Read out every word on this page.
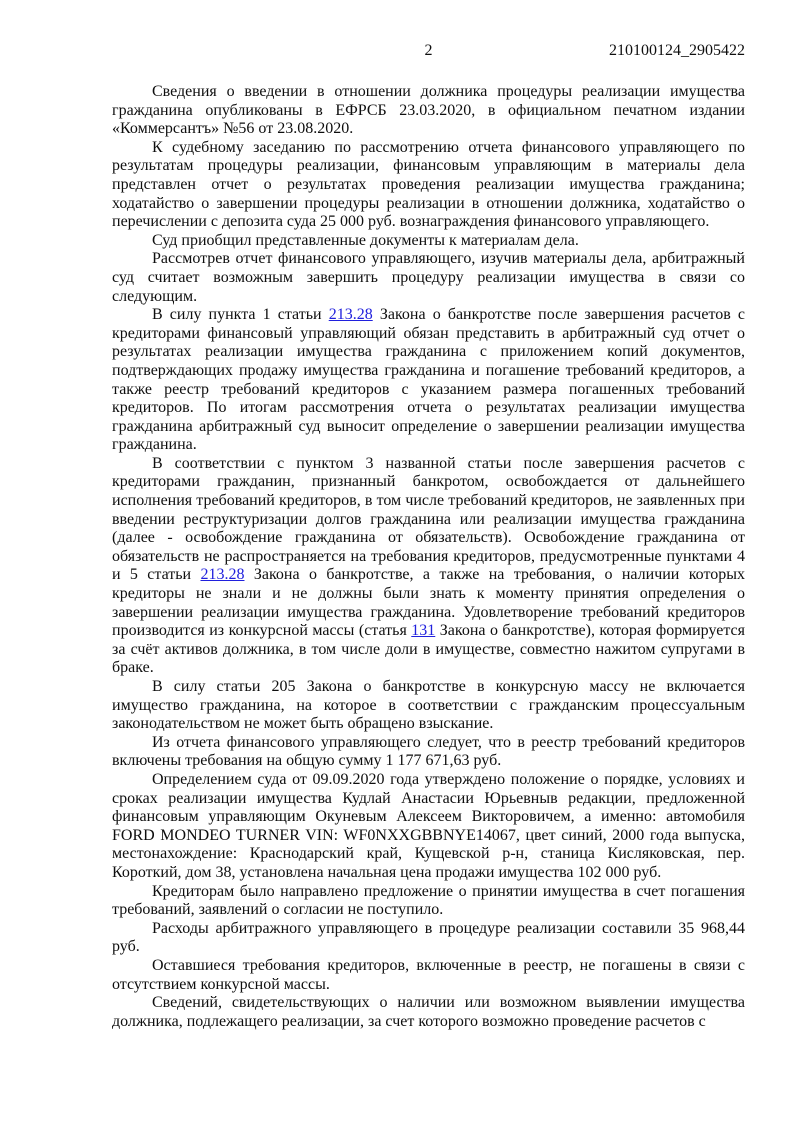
2	210100124_2905422

Сведения о введении в отношении должника процедуры реализации имущества гражданина опубликованы в ЕФРСБ 23.03.2020, в официальном печатном издании «Коммерсантъ» №56 от 23.08.2020.

К судебному заседанию по рассмотрению отчета финансового управляющего по результатам процедуры реализации, финансовым управляющим в материалы дела представлен отчет о результатах проведения реализации имущества гражданина; ходатайство о завершении процедуры реализации в отношении должника, ходатайство о перечислении с депозита суда 25 000 руб. вознаграждения финансового управляющего.

Суд приобщил представленные документы к материалам дела.

Рассмотрев отчет финансового управляющего, изучив материалы дела, арбитражный суд считает возможным завершить процедуру реализации имущества в связи со следующим.

В силу пункта 1 статьи 213.28 Закона о банкротстве после завершения расчетов с кредиторами финансовый управляющий обязан представить в арбитражный суд отчет о результатах реализации имущества гражданина с приложением копий документов, подтверждающих продажу имущества гражданина и погашение требований кредиторов, а также реестр требований кредиторов с указанием размера погашенных требований кредиторов. По итогам рассмотрения отчета о результатах реализации имущества гражданина арбитражный суд выносит определение о завершении реализации имущества гражданина.

В соответствии с пунктом 3 названной статьи после завершения расчетов с кредиторами гражданин, признанный банкротом, освобождается от дальнейшего исполнения требований кредиторов, в том числе требований кредиторов, не заявленных при введении реструктуризации долгов гражданина или реализации имущества гражданина (далее - освобождение гражданина от обязательств). Освобождение гражданина от обязательств не распространяется на требования кредиторов, предусмотренные пунктами 4 и 5 статьи 213.28 Закона о банкротстве, а также на требования, о наличии которых кредиторы не знали и не должны были знать к моменту принятия определения о завершении реализации имущества гражданина. Удовлетворение требований кредиторов производится из конкурсной массы (статья 131 Закона о банкротстве), которая формируется за счёт активов должника, в том числе доли в имуществе, совместно нажитом супругами в браке.

В силу статьи 205 Закона о банкротстве в конкурсную массу не включается имущество гражданина, на которое в соответствии с гражданским процессуальным законодательством не может быть обращено взыскание.

Из отчета финансового управляющего следует, что в реестр требований кредиторов включены требования на общую сумму 1 177 671,63 руб.

Определением суда от 09.09.2020 года утверждено положение о порядке, условиях и сроках реализации имущества Кудлай Анастасии Юрьевныв редакции, предложенной финансовым управляющим Окуневым Алексеем Викторовичем, а именно: автомобиля FORD MONDEO TURNER VIN: WF0NXXGBBNYE14067, цвет синий, 2000 года выпуска, местонахождение: Краснодарский край, Кущевской р-н, станица Кисляковская, пер. Короткий, дом 38, установлена начальная цена продажи имущества 102 000 руб.

Кредиторам было направлено предложение о принятии имущества в счет погашения требований, заявлений о согласии не поступило.

Расходы арбитражного управляющего в процедуре реализации составили 35 968,44 руб.

Оставшиеся требования кредиторов, включенные в реестр, не погашены в связи с отсутствием конкурсной массы.

Сведений, свидетельствующих о наличии или возможном выявлении имущества должника, подлежащего реализации, за счет которого возможно проведение расчетов с
